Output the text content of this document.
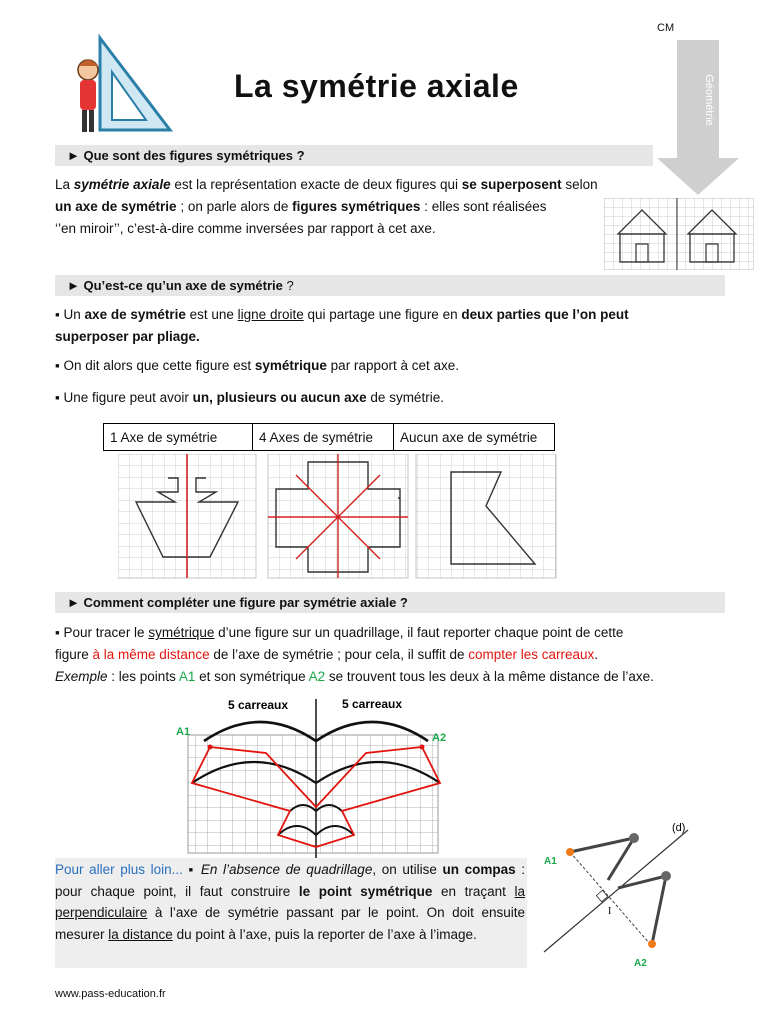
CM
Géométrie
La symétrie axiale
► Que sont des figures symétriques ?

La symétrie axiale est la représentation exacte de deux figures qui se superposent selon
un axe de symétrie ; on parle alors de figures symétriques : elles sont réalisées
‘’en miroir’’, c’est-à-dire comme inversées par rapport à cet axe.

► Qu’est-ce qu’un axe de symétrie ?

▪ Un axe de symétrie est une ligne droite qui partage une figure en deux parties que l’on peut
superposer par pliage.

▪ On dit alors que cette figure est symétrique par rapport à cet axe.

▪ Une figure peut avoir un, plusieurs ou aucun axe de symétrie.

1 Axe de symétrie	4 Axes de symétrie	Aucun axe de symétrie
► Comment compléter une figure par symétrie axiale ?

▪ Pour tracer le symétrique d’une figure sur un quadrillage, il faut reporter chaque point de cette
figure à la même distance de l’axe de symétrie ; pour cela, il suffit de compter les carreaux.
Exemple : les points A1 et son symétrique A2 se trouvent tous les deux à la même distance de l’axe.

5 carreaux	5 carreaux
A1	A2

Pour aller plus loin... ▪ En l’absence de quadrillage, on utilise un compas : pour chaque point, il faut construire le point symétrique en traçant la perpendiculaire à l’axe de symétrie passant par le point. On doit ensuite mesurer la distance du point à l’axe, puis la reporter de l’axe à l’image.

(d)
I
A1
A2
www.pass-education.fr
